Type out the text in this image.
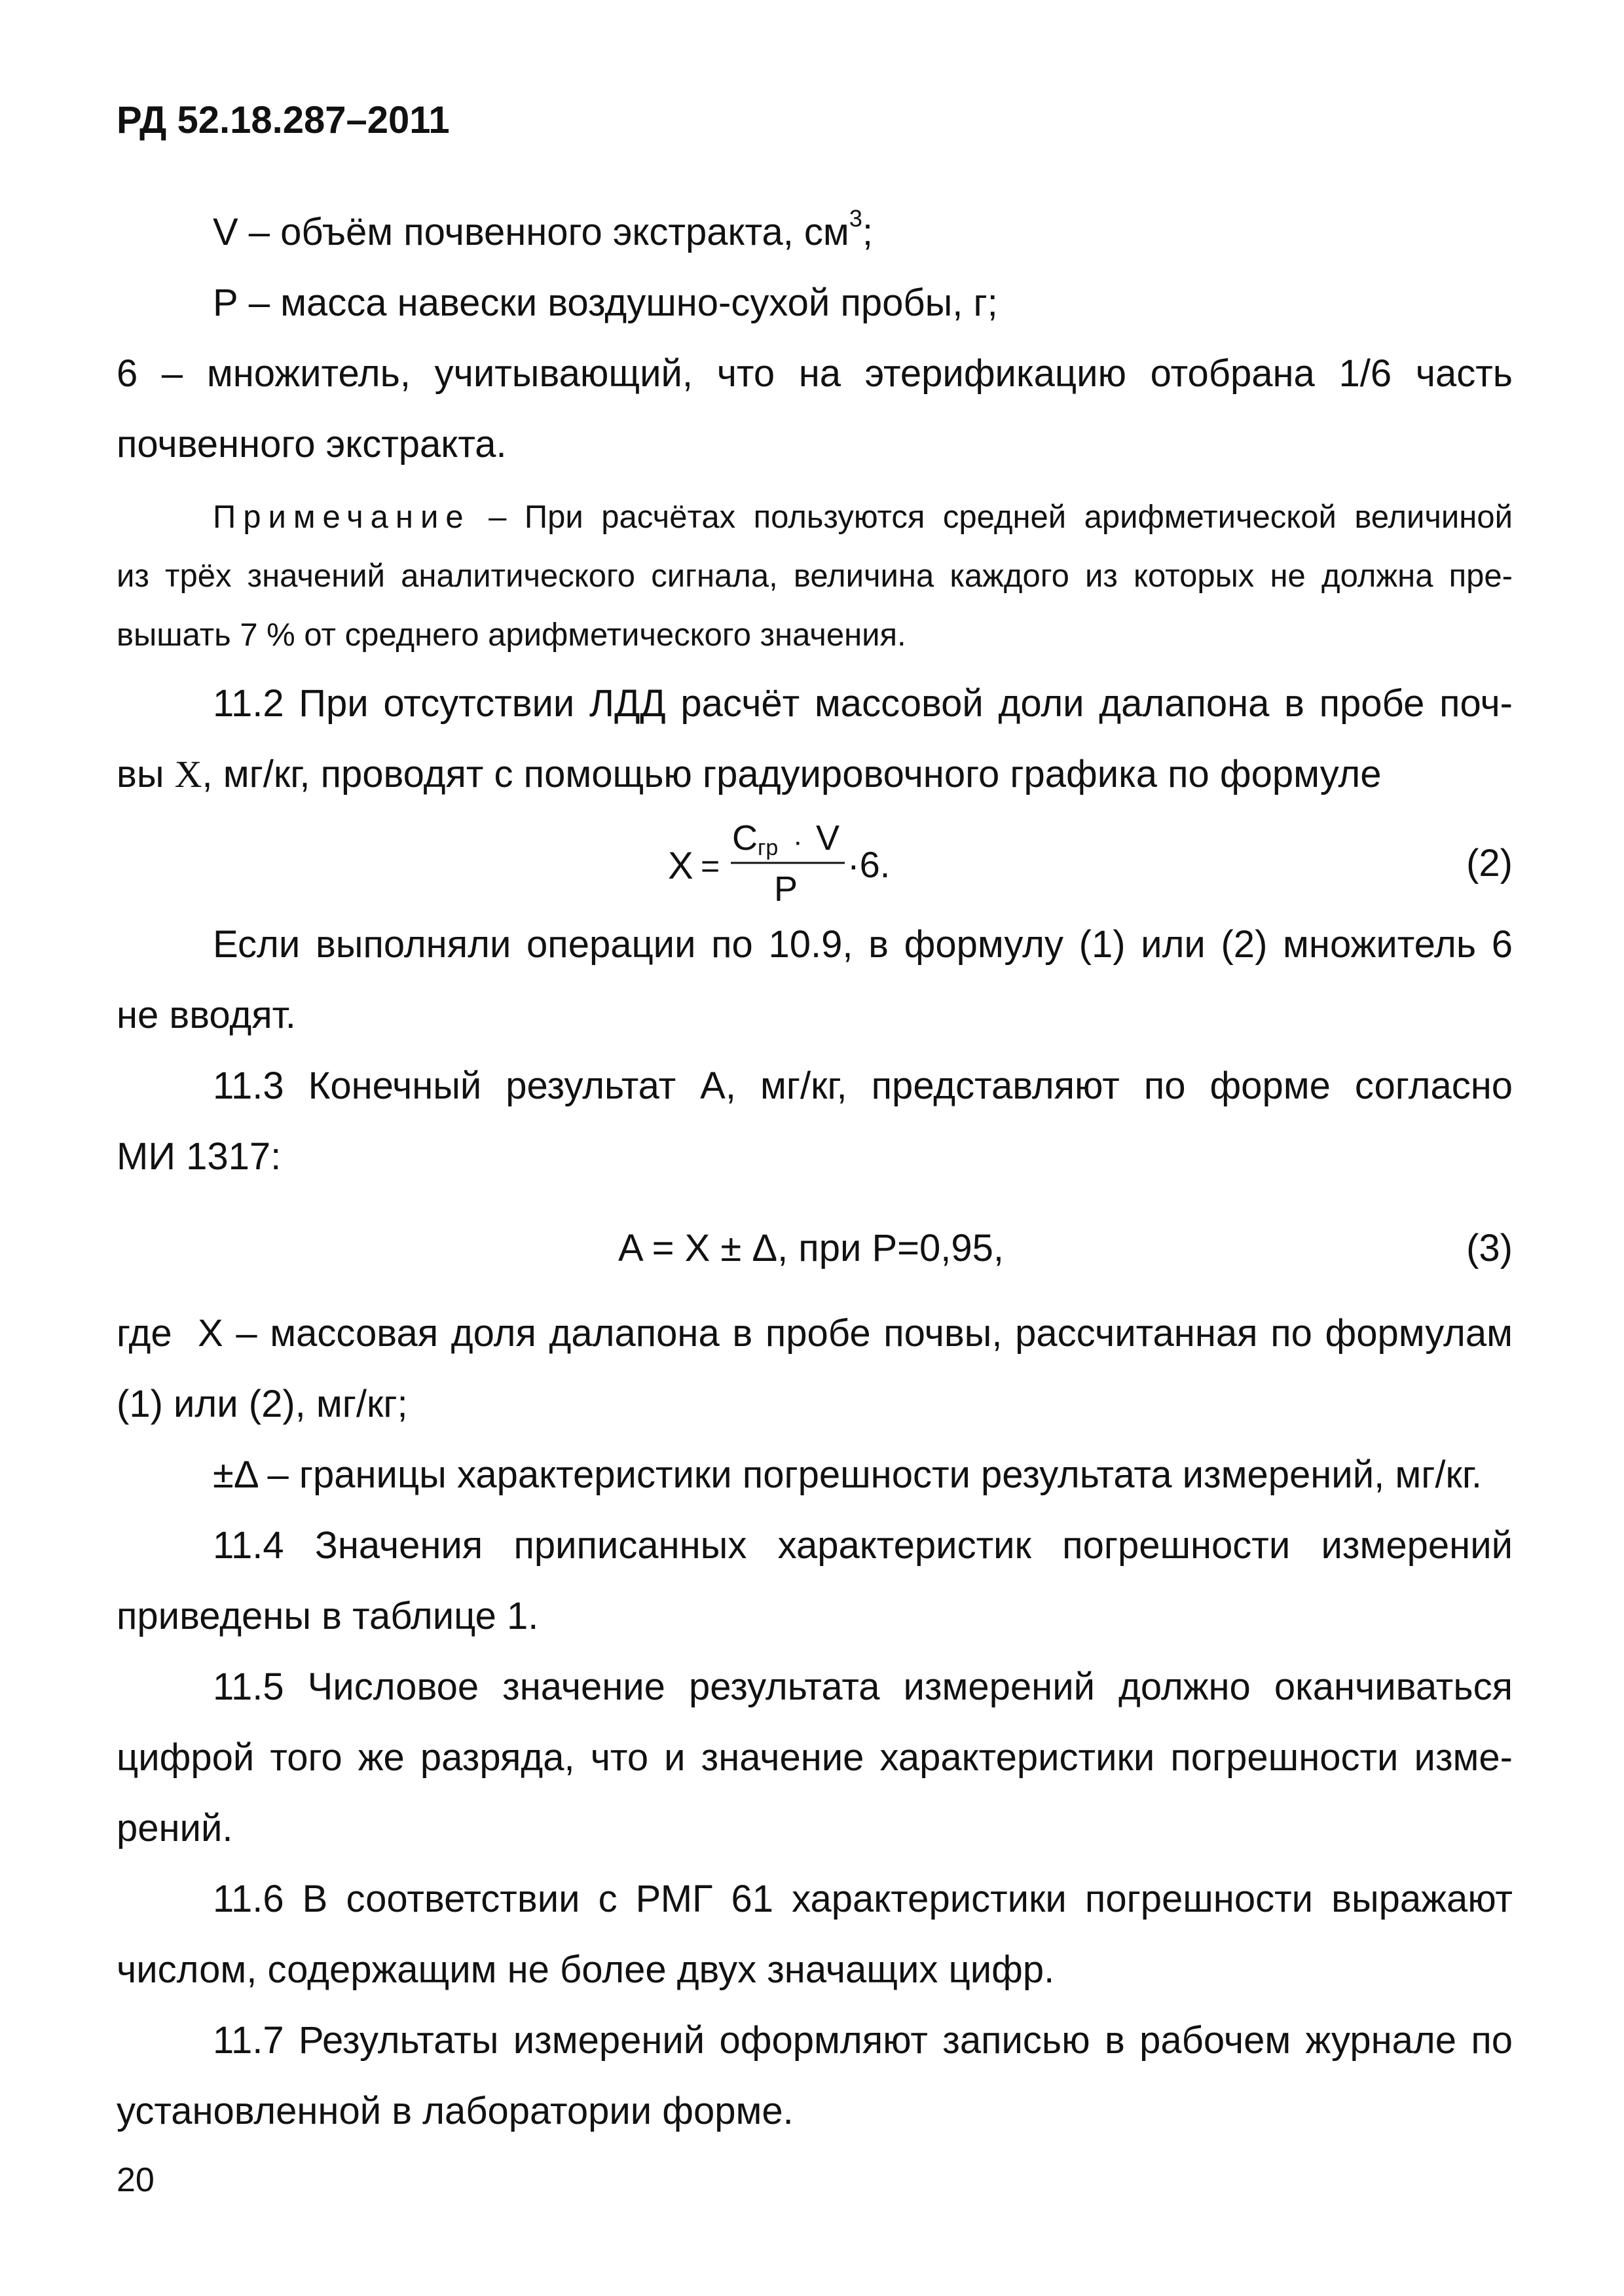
РД 52.18.287–2011
V – объём почвенного экстракта, $см^3$;
Р – масса навески воздушно-сухой пробы, г;
6 – множитель, учитывающий, что на этерификацию отобрана 1/6 часть
почвенного экстракта.
Примечание – При расчётах пользуются средней арифметической величиной
из трёх значений аналитического сигнала, величина каждого из которых не должна пре-
вышать 7 % от среднего арифметического значения.
11.2 При отсутствии ЛДД расчёт массовой доли далапона в пробе поч-
вы X, мг/кг, проводят с помощью градуировочного графика по формуле
X =
C гр · V
P
·6.	(2)
Если выполняли операции по 10.9, в формулу (1) или (2) множитель 6
не вводят.
11.3 Конечный результат А, мг/кг, представляют по форме согласно
МИ 1317:
A = X ± Δ, при Р=0,95,	(3)
где  X – массовая доля далапона в пробе почвы, рассчитанная по формулам
(1) или (2), мг/кг;
±Δ – границы характеристики погрешности результата измерений, мг/кг.
11.4 Значения приписанных характеристик погрешности измерений
приведены в таблице 1.
11.5 Числовое значение результата измерений должно оканчиваться
цифрой того же разряда, что и значение характеристики погрешности изме-
рений.
11.6 В соответствии с РМГ 61 характеристики погрешности выражают
числом, содержащим не более двух значащих цифр.
11.7 Результаты измерений оформляют записью в рабочем журнале по
установленной в лаборатории форме.
20
